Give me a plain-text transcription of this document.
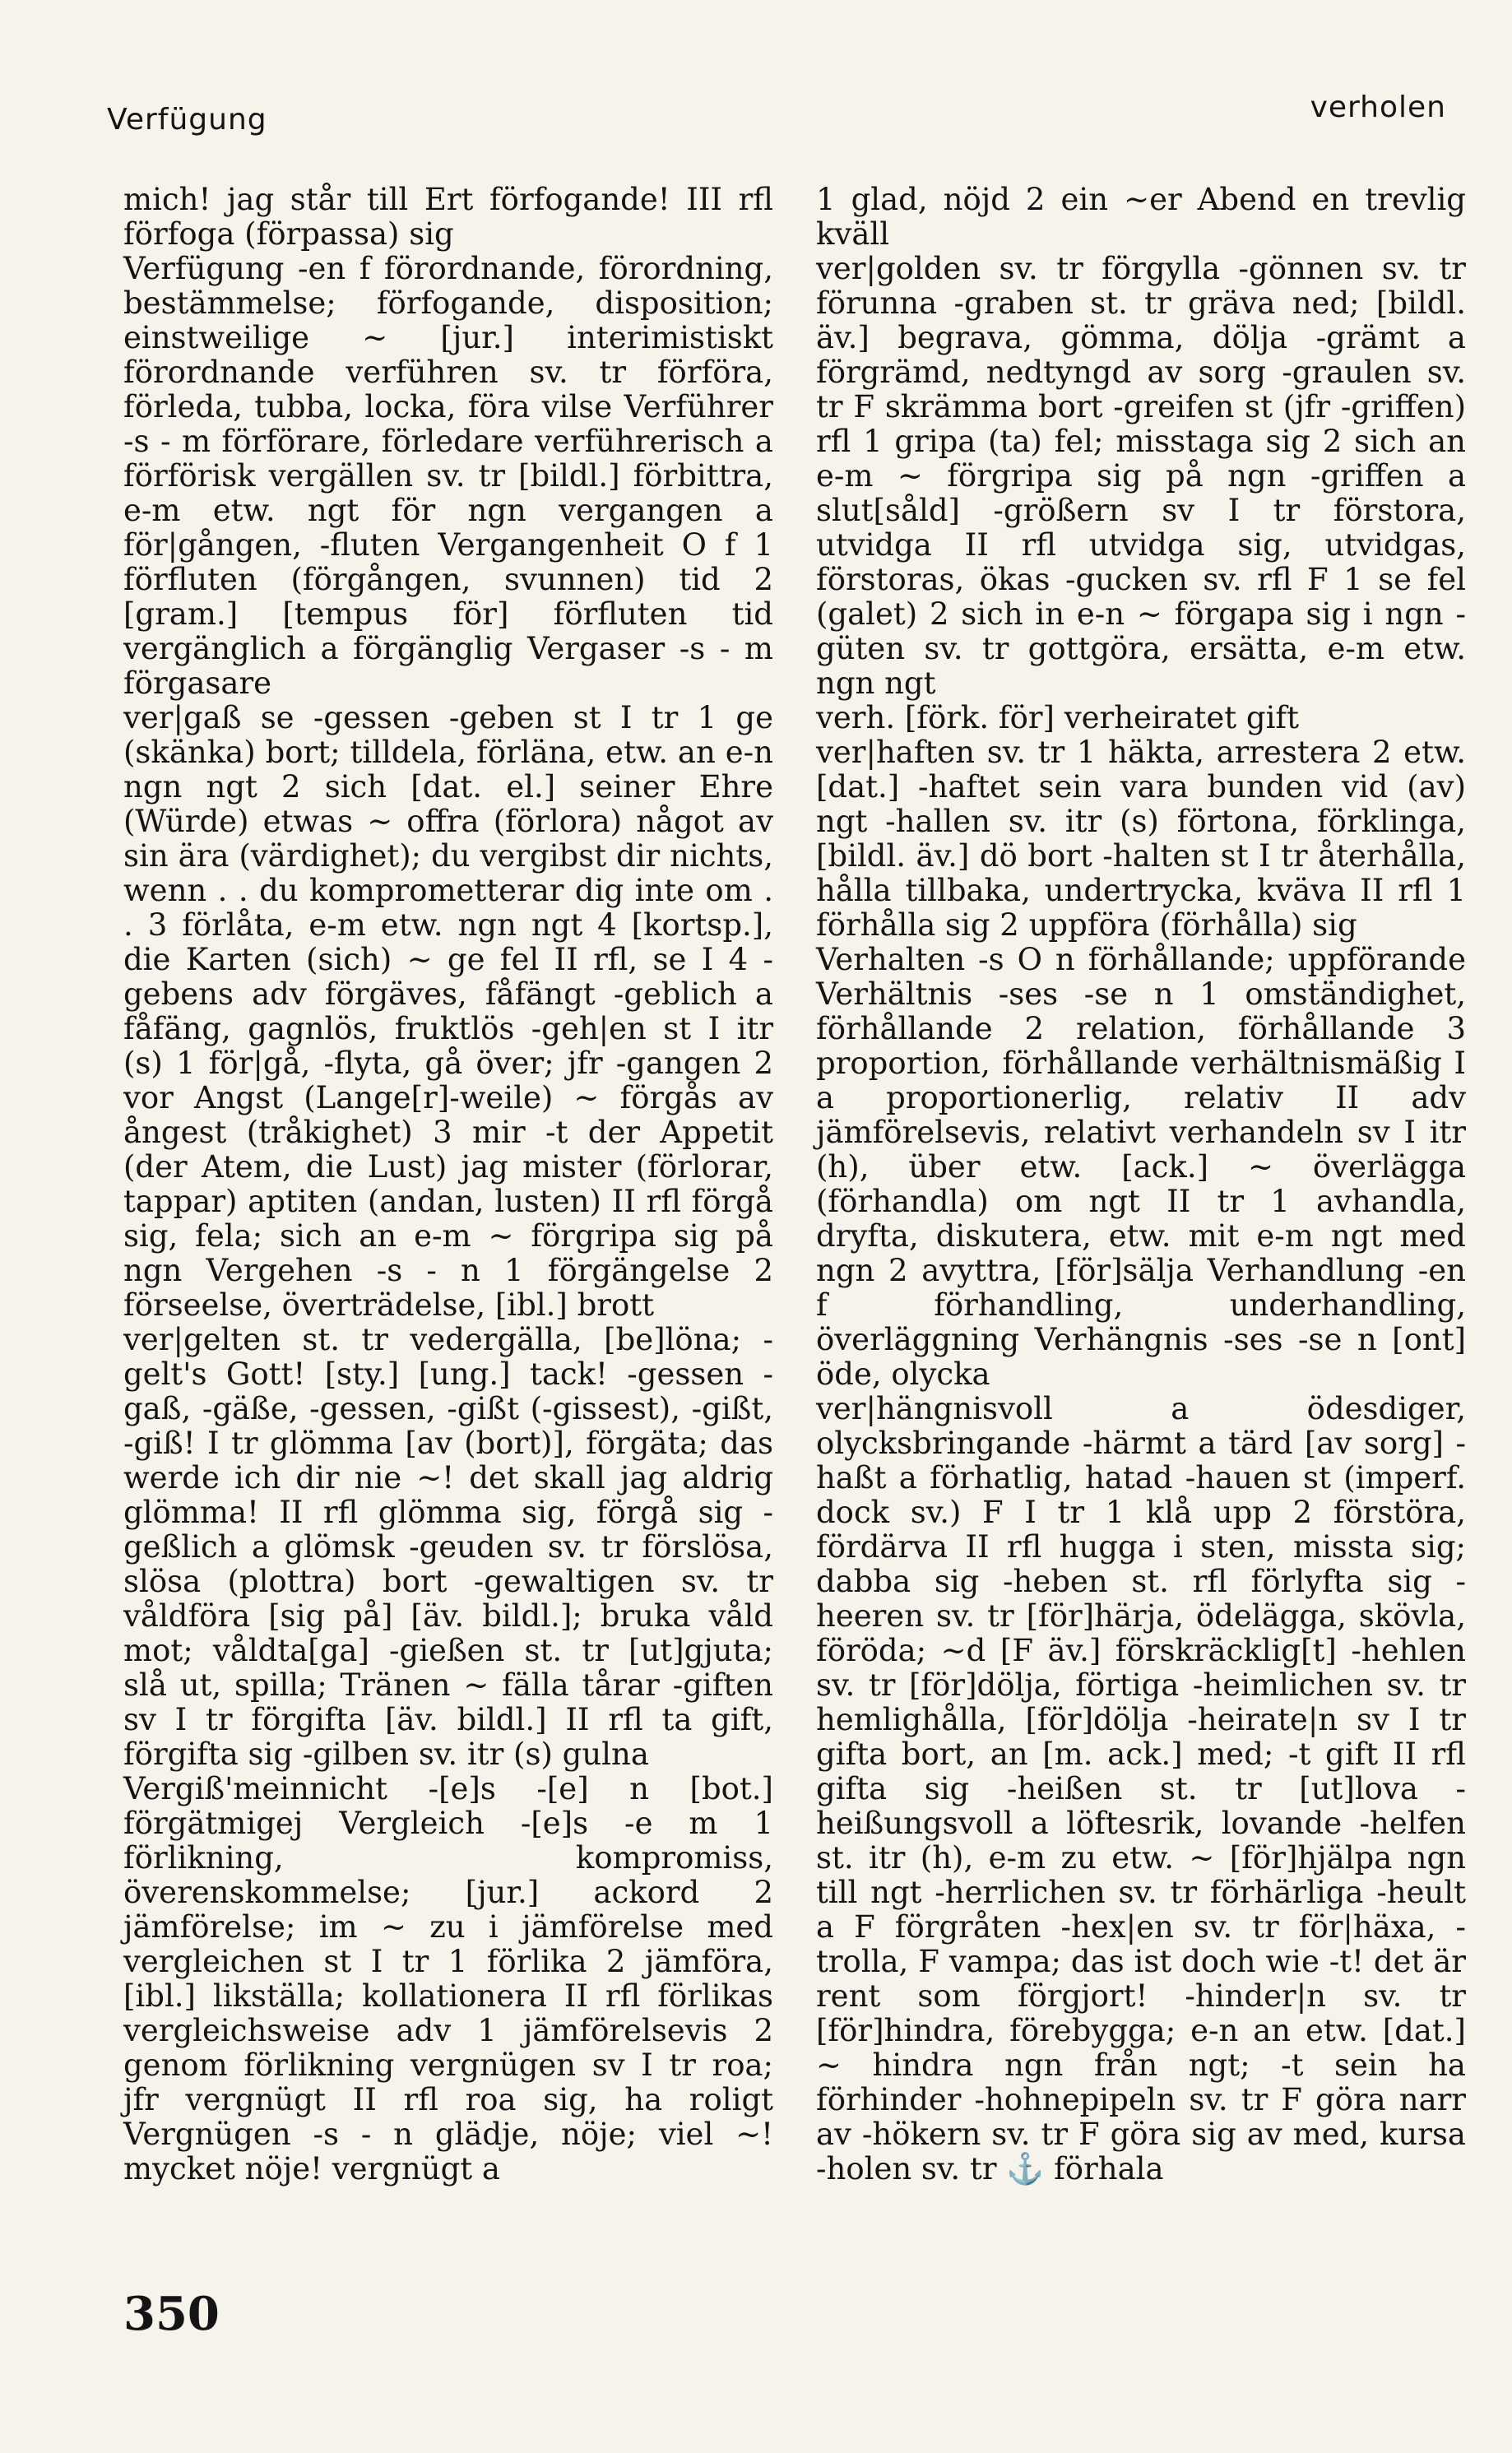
Verfügung	verholen

mich! jag står till Ert förfogande! III rfl förfoga (förpassa) sig

Verfügung -en f förordnande, förordning, bestämmelse; förfogande, disposition; einstweilige ~ [jur.] interimistiskt förordnande verführen sv. tr förföra, förleda, tubba, locka, föra vilse Verführer -s - m förförare, förledare verführerisch a förförisk vergällen sv. tr [bildl.] förbittra, e-m etw. ngt för ngn vergangen a för|gången, -fluten Vergangenheit O f 1 förfluten (förgången, svunnen) tid 2 [gram.] [tempus för] förfluten tid vergänglich a förgänglig Vergaser -s - m förgasare

ver|gaß se -gessen -geben st I tr 1 ge (skänka) bort; tilldela, förläna, etw. an e-n ngn ngt 2 sich [dat. el.] seiner Ehre (Würde) etwas ~ offra (förlora) något av sin ära (värdighet); du vergibst dir nichts, wenn . . du komprometterar dig inte om . . 3 förlåta, e-m etw. ngn ngt 4 [kortsp.], die Karten (sich) ~ ge fel II rfl, se I 4 -gebens adv förgäves, fåfängt -geblich a fåfäng, gagnlös, fruktlös -geh|en st I itr (s) 1 för|gå, -flyta, gå över; jfr -gangen 2 vor Angst (Lange[r]-weile) ~ förgås av ångest (tråkighet) 3 mir -t der Appetit (der Atem, die Lust) jag mister (förlorar, tappar) aptiten (andan, lusten) II rfl förgå sig, fela; sich an e-m ~ förgripa sig på ngn Vergehen -s - n 1 förgängelse 2 förseelse, överträdelse, [ibl.] brott

ver|gelten st. tr vedergälla, [be]löna; -gelt's Gott! [sty.] [ung.] tack! -gessen -gaß, -gäße, -gessen, -gißt (-gissest), -gißt, -giß! I tr glömma [av (bort)], förgäta; das werde ich dir nie ~! det skall jag aldrig glömma! II rfl glömma sig, förgå sig -geßlich a glömsk -geuden sv. tr förslösa, slösa (plottra) bort -gewaltigen sv. tr våldföra [sig på] [äv. bildl.]; bruka våld mot; våldta[ga] -gießen st. tr [ut]gjuta; slå ut, spilla; Tränen ~ fälla tårar -giften sv I tr förgifta [äv. bildl.] II rfl ta gift, förgifta sig -gilben sv. itr (s) gulna

Vergiß'meinnicht -[e]s -[e] n [bot.] förgätmigej Vergleich -[e]s -e m 1 förlikning, kompromiss, överenskommelse; [jur.] ackord 2 jämförelse; im ~ zu i jämförelse med vergleichen st I tr 1 förlika 2 jämföra, [ibl.] likställa; kollationera II rfl förlikas vergleichsweise adv 1 jämförelsevis 2 genom förlikning vergnügen sv I tr roa; jfr vergnügt II rfl roa sig, ha roligt Vergnügen -s - n glädje, nöje; viel ~! mycket nöje! vergnügt a

1 glad, nöjd 2 ein ~er Abend en trevlig kväll

ver|golden sv. tr förgylla -gönnen sv. tr förunna -graben st. tr gräva ned; [bildl. äv.] begrava, gömma, dölja -grämt a förgrämd, nedtyngd av sorg -graulen sv. tr F skrämma bort -greifen st (jfr -griffen) rfl 1 gripa (ta) fel; misstaga sig 2 sich an e-m ~ förgripa sig på ngn -griffen a slut[såld] -größern sv I tr förstora, utvidga II rfl utvidga sig, utvidgas, förstoras, ökas -gucken sv. rfl F 1 se fel (galet) 2 sich in e-n ~ förgapa sig i ngn -güten sv. tr gottgöra, ersätta, e-m etw. ngn ngt

verh. [förk. för] verheiratet gift

ver|haften sv. tr 1 häkta, arrestera 2 etw. [dat.] -haftet sein vara bunden vid (av) ngt -hallen sv. itr (s) förtona, förklinga, [bildl. äv.] dö bort -halten st I tr återhålla, hålla tillbaka, undertrycka, kväva II rfl 1 förhålla sig 2 uppföra (förhålla) sig

Verhalten -s O n förhållande; uppförande Verhältnis -ses -se n 1 omständighet, förhållande 2 relation, förhållande 3 proportion, förhållande verhältnismäßig I a proportionerlig, relativ II adv jämförelsevis, relativt verhandeln sv I itr (h), über etw. [ack.] ~ överlägga (förhandla) om ngt II tr 1 avhandla, dryfta, diskutera, etw. mit e-m ngt med ngn 2 avyttra, [för]sälja Verhandlung -en f förhandling, underhandling, överläggning Verhängnis -ses -se n [ont] öde, olycka

ver|hängnisvoll a ödesdiger, olycksbringande -härmt a tärd [av sorg] -haßt a förhatlig, hatad -hauen st (imperf. dock sv.) F I tr 1 klå upp 2 förstöra, fördärva II rfl hugga i sten, missta sig; dabba sig -heben st. rfl förlyfta sig -heeren sv. tr [för]härja, ödelägga, skövla, föröda; ~d [F äv.] förskräcklig[t] -hehlen sv. tr [för]dölja, förtiga -heimlichen sv. tr hemlighålla, [för]dölja -heirate|n sv I tr gifta bort, an [m. ack.] med; -t gift II rfl gifta sig -heißen st. tr [ut]lova -heißungsvoll a löftesrik, lovande -helfen st. itr (h), e-m zu etw. ~ [för]hjälpa ngn till ngt -herrlichen sv. tr förhärliga -heult a F förgråten -hex|en sv. tr för|häxa, -trolla, F vampa; das ist doch wie -t! det är rent som förgjort! -hinder|n sv. tr [för]hindra, förebygga; e-n an etw. [dat.] ~ hindra ngn från ngt; -t sein ha förhinder -hohnepipeln sv. tr F göra narr av -hökern sv. tr F göra sig av med, kursa -holen sv. tr ⚓ förhala

350
